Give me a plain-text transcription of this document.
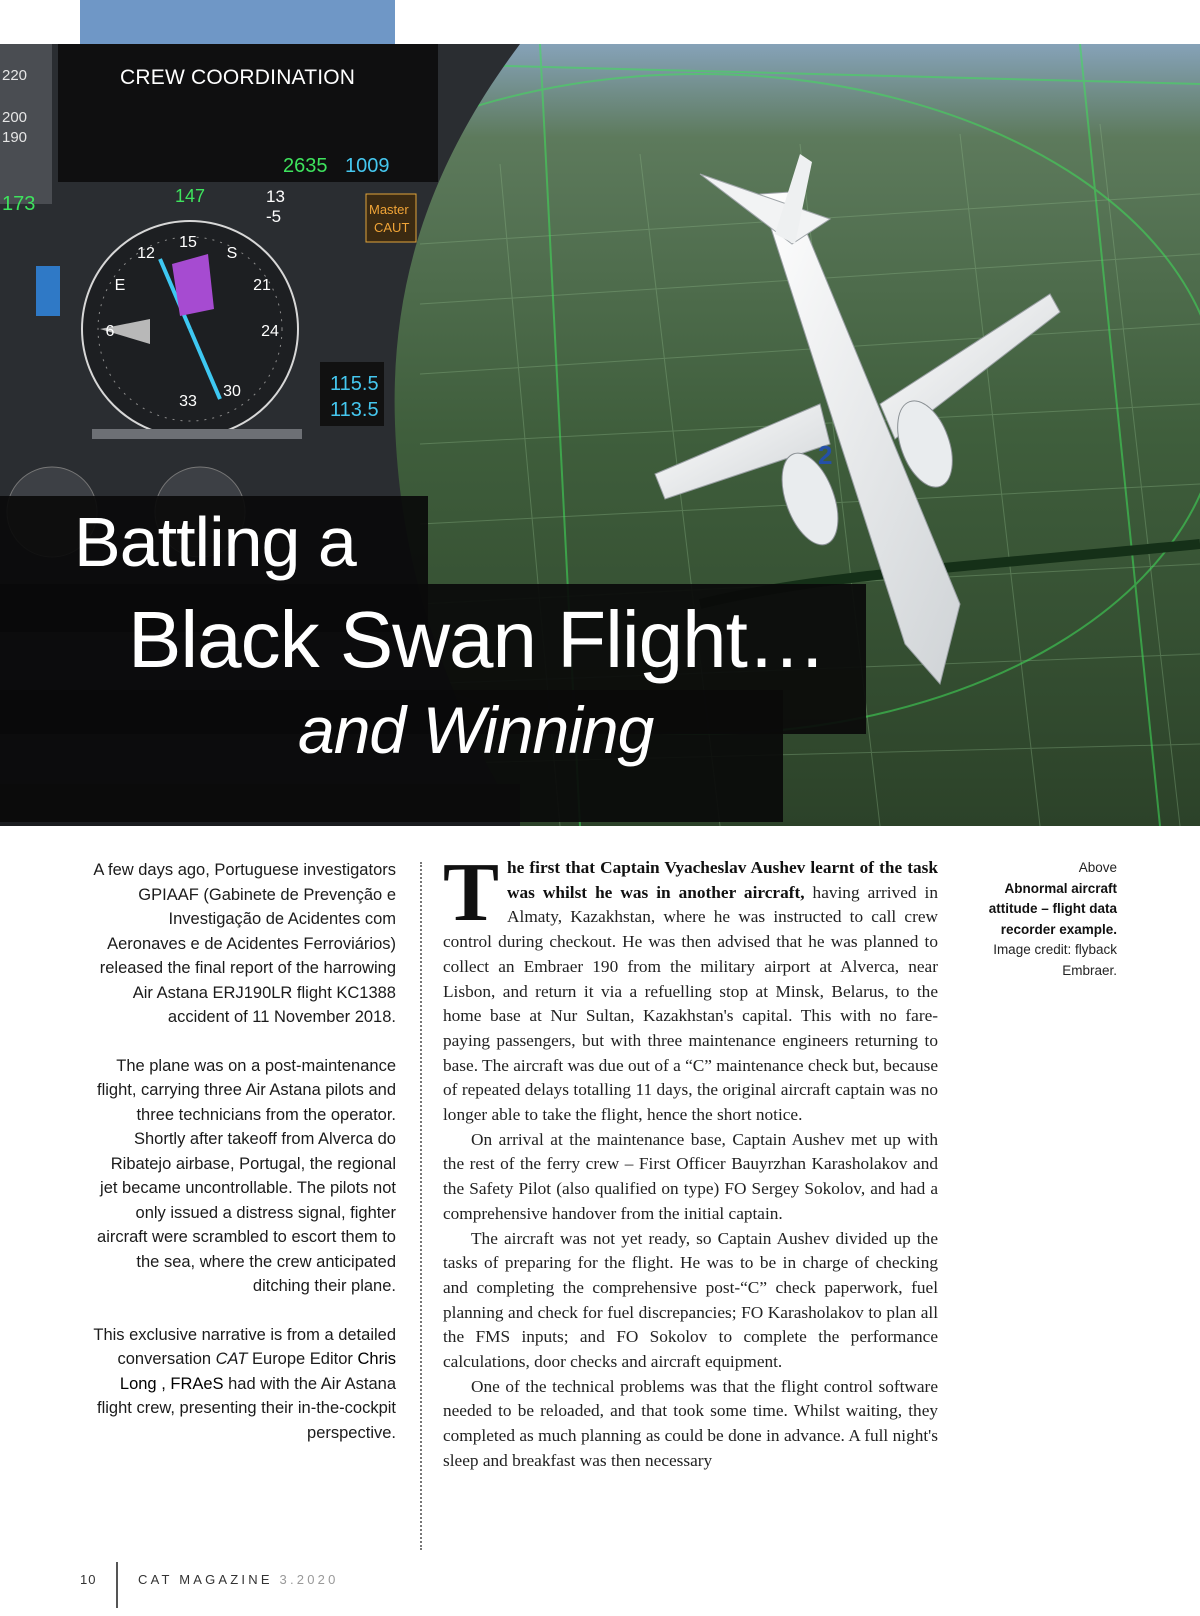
2
220
200
190
173	147
2635 1009
13
-5	Master
CAUT
12
15
S
21
24
30
33
E
6
115.5
113.5
CREW COORDINATION
Battling a
Black Swan Flight…
and Winning

A few days ago, Portuguese investigators GPIAAF (Gabinete de Prevenção e Investigação de Acidentes com Aeronaves e de Acidentes Ferroviários) released the final report of the harrowing Air Astana ERJ190LR flight KC1388 accident of 11 November 2018.

The plane was on a post-maintenance flight, carrying three Air Astana pilots and three technicians from the operator. Shortly after takeoff from Alverca do Ribatejo airbase, Portugal, the regional jet became uncontrollable. The pilots not only issued a distress signal, fighter aircraft were scrambled to escort them to the sea, where the crew anticipated ditching their plane.

This exclusive narrative is from a detailed conversation CAT Europe Editor Chris Long , FRAeS had with the Air Astana flight crew, presenting their in-the-cockpit perspective.

The first that Captain Vyacheslav Aushev learnt of the task was whilst he was in another aircraft, having arrived in Almaty, Kazakhstan, where he was instructed to call crew control during checkout. He was then advised that he was planned to collect an Embraer 190 from the military airport at Alverca, near Lisbon, and return it via a refuelling stop at Minsk, Belarus, to the home base at Nur Sultan, Kazakhstan's capital. This with no fare-paying passengers, but with three maintenance engineers returning to base. The aircraft was due out of a “C” maintenance check but, because of repeated delays totalling 11 days, the original aircraft captain was no longer able to take the flight, hence the short notice.

On arrival at the maintenance base, Captain Aushev met up with the rest of the ferry crew – First Officer Bauyrzhan Karasholakov and the Safety Pilot (also qualified on type) FO Sergey Sokolov, and had a comprehensive handover from the initial captain.

The aircraft was not yet ready, so Captain Aushev divided up the tasks of preparing for the flight. He was to be in charge of checking and completing the comprehensive post-“C” check paperwork, fuel planning and check for fuel discrepancies; FO Karasholakov to plan all the FMS inputs; and FO Sokolov to complete the performance calculations, door checks and aircraft equipment.

One of the technical problems was that the flight control software needed to be reloaded, and that took some time. Whilst waiting, they completed as much planning as could be done in advance. A full night's sleep and breakfast was then necessary

Above
Abnormal aircraft attitude – flight data recorder example.
Image credit: flyback Embraer.
10	CAT MAGAZINE 3.2020
